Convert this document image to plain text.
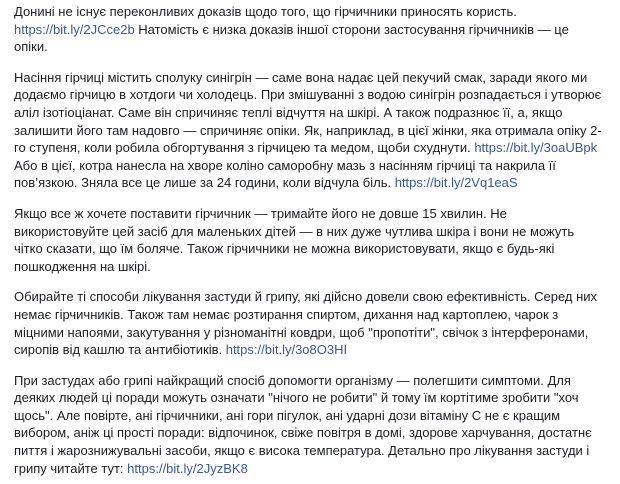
Донині не існує переконливих доказів щодо того, що гірчичники приносять користь. https://bit.ly/2JCce2b Натомість є низка доказів іншої сторони застосування гірчичників — це опіки.

Насіння гірчиці містить сполуку синігрін — саме вона надає цей пекучий смак, заради якого ми додаємо гірчицю в хотдоги чи холодець. При змішуванні з водою синігрін розпадається і утворює аліл ізотіоціанат. Саме він спричиняє теплі відчуття на шкірі. А також подразнює її, а, якщо залишити його там надовго — спричиняє опіки. Як, наприклад, в цієї жінки, яка отримала опіку 2-го ступеня, коли робила обгортування з гірчицею та медом, щоби схуднути. https://bit.ly/3oaUBpk Або в цієї, котра нанесла на хворе коліно саморобну мазь з насінням гірчиці та накрила її пов’язкою. Зняла все це лише за 24 години, коли відчула біль. https://bit.ly/2Vq1eaS

Якщо все ж хочете поставити гірчичник — тримайте його не довше 15 хвилин. Не використовуйте цей засіб для маленьких дітей — в них дуже чутлива шкіра і вони не можуть чітко сказати, що їм боляче. Також гірчичники не можна використовувати, якщо є будь-які пошкодження на шкірі.

Обирайте ті способи лікування застуди й грипу, які дійсно довели свою ефективність. Серед них немає гірчичників. Також там немає розтирання спиртом, дихання над картоплею, чарок з міцними напоями, закутування у різноманітні ковдри, щоб "пропотіти", свічок з інтерферонами, сиропів від кашлю та антибіотиків. https://bit.ly/3o8O3HI

При застудах або грипі найкращий спосіб допомогти організму — полегшити симптоми. Для деяких людей ці поради можуть означати "нічого не робити" й тому їм кортітиме зробити "хоч щось". Але повірте, ані гірчичники, ані гори пігулок, ані ударні дози вітаміну С не є кращим вибором, аніж ці прості поради: відпочинок, свіже повітря в домі, здорове харчування, достатнє пиття і жарознижувальні засоби, якщо є висока температура. Детально про лікування застуди і грипу читайте тут: https://bit.ly/2JyzBK8
